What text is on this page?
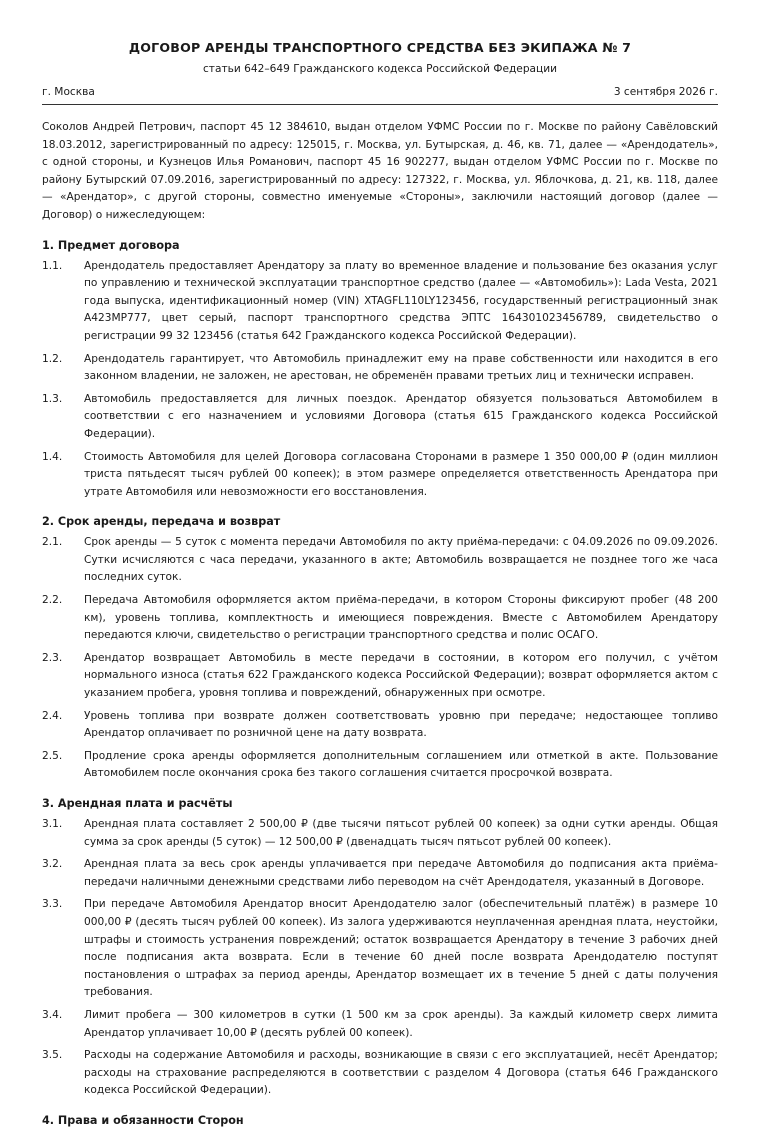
ДОГОВОР АРЕНДЫ ТРАНСПОРТНОГО СРЕДСТВА БЕЗ ЭКИПАЖА № 7
статьи 642–649 Гражданского кодекса Российской Федерации
г. Москва	3 сентября 2026 г.
Соколов Андрей Петрович, паспорт 45 12 384610, выдан отделом УФМС России по г. Москве по району Савёловский 18.03.2012, зарегистрированный по адресу: 125015, г. Москва, ул. Бутырская, д. 46, кв. 71, далее — «Арендодатель», с одной стороны, и Кузнецов Илья Романович, паспорт 45 16 902277, выдан отделом УФМС России по г. Москве по району Бутырский 07.09.2016, зарегистрированный по адресу: 127322, г. Москва, ул. Яблочкова, д. 21, кв. 118, далее — «Арендатор», с другой стороны, совместно именуемые «Стороны», заключили настоящий договор (далее — Договор) о нижеследующем:
1. Предмет договора
1.1.	Арендодатель предоставляет Арендатору за плату во временное владение и пользование без оказания услуг по управлению и технической эксплуатации транспортное средство (далее — «Автомобиль»): Lada Vesta, 2021 года выпуска, идентификационный номер (VIN) XTAGFL110LY123456, государственный регистрационный знак А423МР777, цвет серый, паспорт транспортного средства ЭПТС 164301023456789, свидетельство о регистрации 99 32 123456 (статья 642 Гражданского кодекса Российской Федерации).
1.2.	Арендодатель гарантирует, что Автомобиль принадлежит ему на праве собственности или находится в его законном владении, не заложен, не арестован, не обременён правами третьих лиц и технически исправен.
1.3.	Автомобиль предоставляется для личных поездок. Арендатор обязуется пользоваться Автомобилем в соответствии с его назначением и условиями Договора (статья 615 Гражданского кодекса Российской Федерации).
1.4.	Стоимость Автомобиля для целей Договора согласована Сторонами в размере 1 350 000,00 ₽ (один миллион триста пятьдесят тысяч рублей 00 копеек); в этом размере определяется ответственность Арендатора при утрате Автомобиля или невозможности его восстановления.
2. Срок аренды, передача и возврат
2.1.	Срок аренды — 5 суток с момента передачи Автомобиля по акту приёма-передачи: с 04.09.2026 по 09.09.2026. Сутки исчисляются с часа передачи, указанного в акте; Автомобиль возвращается не позднее того же часа последних суток.
2.2.	Передача Автомобиля оформляется актом приёма-передачи, в котором Стороны фиксируют пробег (48 200 км), уровень топлива, комплектность и имеющиеся повреждения. Вместе с Автомобилем Арендатору передаются ключи, свидетельство о регистрации транспортного средства и полис ОСАГО.
2.3.	Арендатор возвращает Автомобиль в месте передачи в состоянии, в котором его получил, с учётом нормального износа (статья 622 Гражданского кодекса Российской Федерации); возврат оформляется актом с указанием пробега, уровня топлива и повреждений, обнаруженных при осмотре.
2.4.	Уровень топлива при возврате должен соответствовать уровню при передаче; недостающее топливо Арендатор оплачивает по розничной цене на дату возврата.
2.5.	Продление срока аренды оформляется дополнительным соглашением или отметкой в акте. Пользование Автомобилем после окончания срока без такого соглашения считается просрочкой возврата.
3. Арендная плата и расчёты
3.1.	Арендная плата составляет 2 500,00 ₽ (две тысячи пятьсот рублей 00 копеек) за одни сутки аренды. Общая сумма за срок аренды (5 суток) — 12 500,00 ₽ (двенадцать тысяч пятьсот рублей 00 копеек).
3.2.	Арендная плата за весь срок аренды уплачивается при передаче Автомобиля до подписания акта приёма-передачи наличными денежными средствами либо переводом на счёт Арендодателя, указанный в Договоре.
3.3.	При передаче Автомобиля Арендатор вносит Арендодателю залог (обеспечительный платёж) в размере 10 000,00 ₽ (десять тысяч рублей 00 копеек). Из залога удерживаются неуплаченная арендная плата, неустойки, штрафы и стоимость устранения повреждений; остаток возвращается Арендатору в течение 3 рабочих дней после подписания акта возврата. Если в течение 60 дней после возврата Арендодателю поступят постановления о штрафах за период аренды, Арендатор возмещает их в течение 5 дней с даты получения требования.
3.4.	Лимит пробега — 300 километров в сутки (1 500 км за срок аренды). За каждый километр сверх лимита Арендатор уплачивает 10,00 ₽ (десять рублей 00 копеек).
3.5.	Расходы на содержание Автомобиля и расходы, возникающие в связи с его эксплуатацией, несёт Арендатор; расходы на страхование распределяются в соответствии с разделом 4 Договора (статья 646 Гражданского кодекса Российской Федерации).
4. Права и обязанности Сторон
